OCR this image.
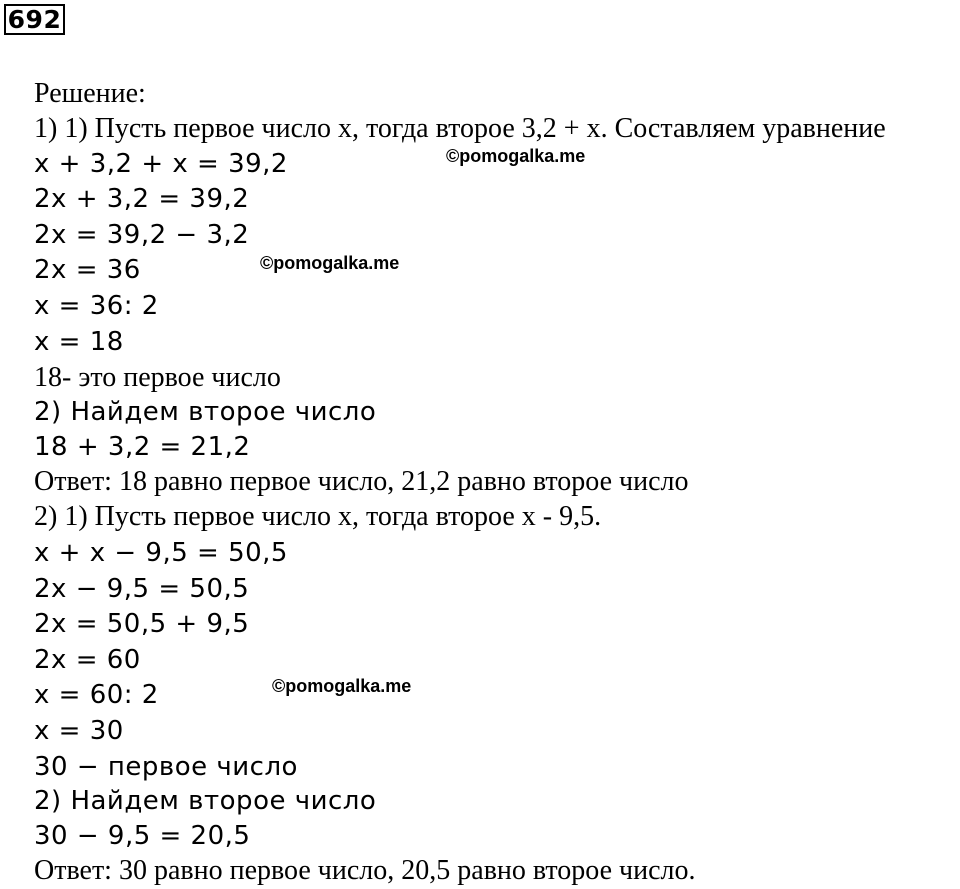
692
Решение:
1) 1) Пусть первое число x, тогда второе 3,2 + x. Составляем уравнение
x + 3,2 + x = 39,2
2x + 3,2 = 39,2
2x = 39,2 − 3,2
2x = 36
x = 36: 2
x = 18
18- это первое число
2) Найдем второе число
18 + 3,2 = 21,2
Ответ: 18 равно первое число, 21,2 равно второе число
2) 1) Пусть первое число x, тогда второе x - 9,5.
x + x − 9,5 = 50,5
2x − 9,5 = 50,5
2x = 50,5 + 9,5
2x = 60
x = 60: 2
x = 30
30 − первое число
2) Найдем второе число
30 − 9,5 = 20,5
Ответ: 30 равно первое число, 20,5 равно второе число.
©pomogalka.me
©pomogalka.me
©pomogalka.me
